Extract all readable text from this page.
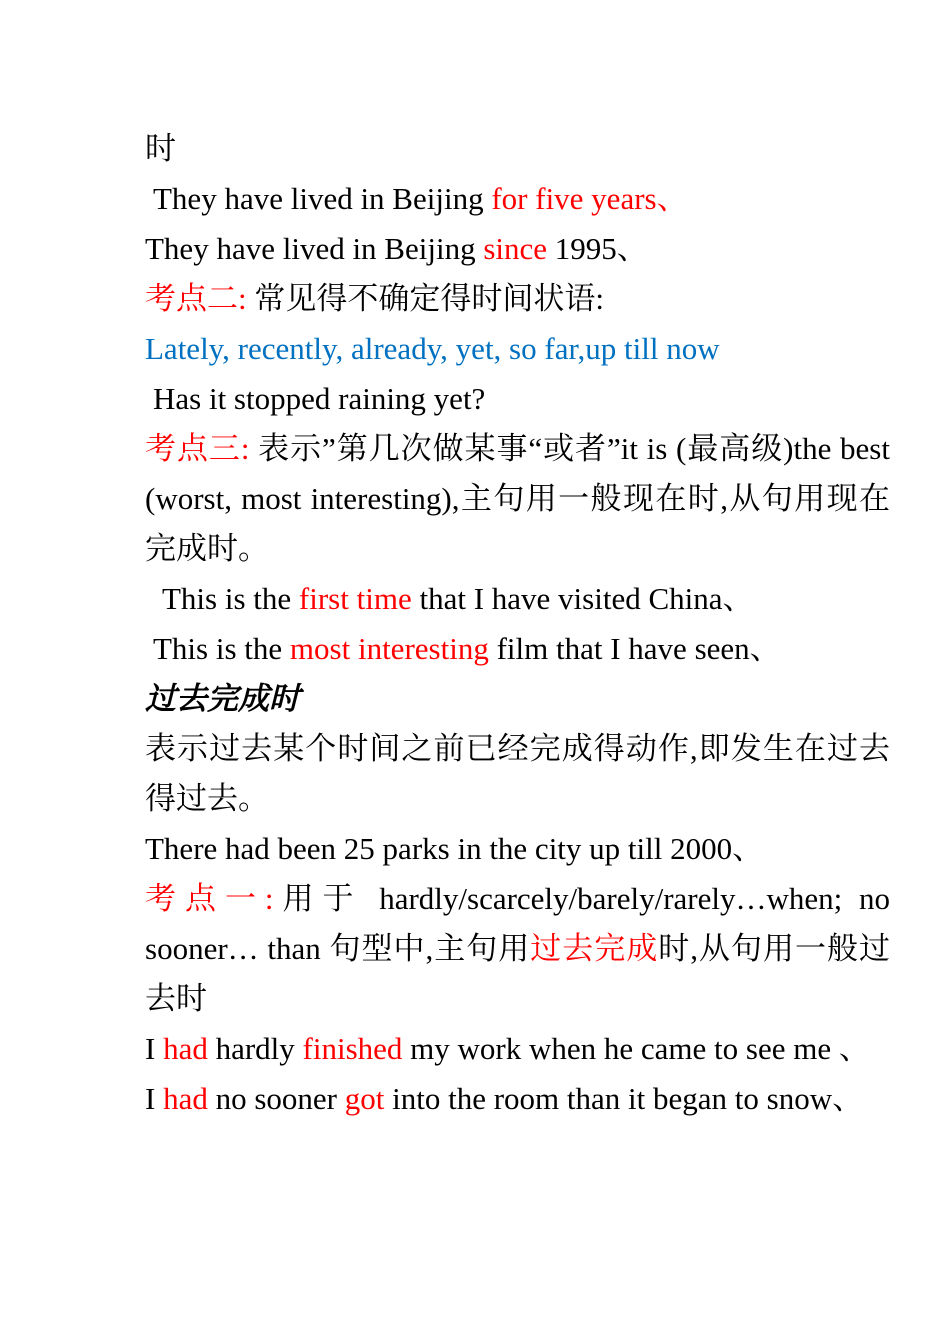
时

They have lived in Beijing for five years、

They have lived in Beijing since 1995、

考点二: 常见得不确定得时间状语:

Lately, recently, already, yet, so far,up till now

Has it stopped raining yet?

考点三: 表示”第几次做某事“或者”it is (最高级)the best (worst, most interesting),主句用一般现在时,从句用现在完成时。

This is the first time that I have visited China、

This is the most interesting film that I have seen、

过去完成时

表示过去某个时间之前已经完成得动作,即发生在过去得过去。

There had been 25 parks in the city up till 2000、

考点一:用于 hardly/scarcely/barely/rarely…when; no sooner… than 句型中,主句用过去完成时,从句用一般过去时

I had hardly finished my work when he came to see me 、

I had no sooner got into the room than it began to snow、
